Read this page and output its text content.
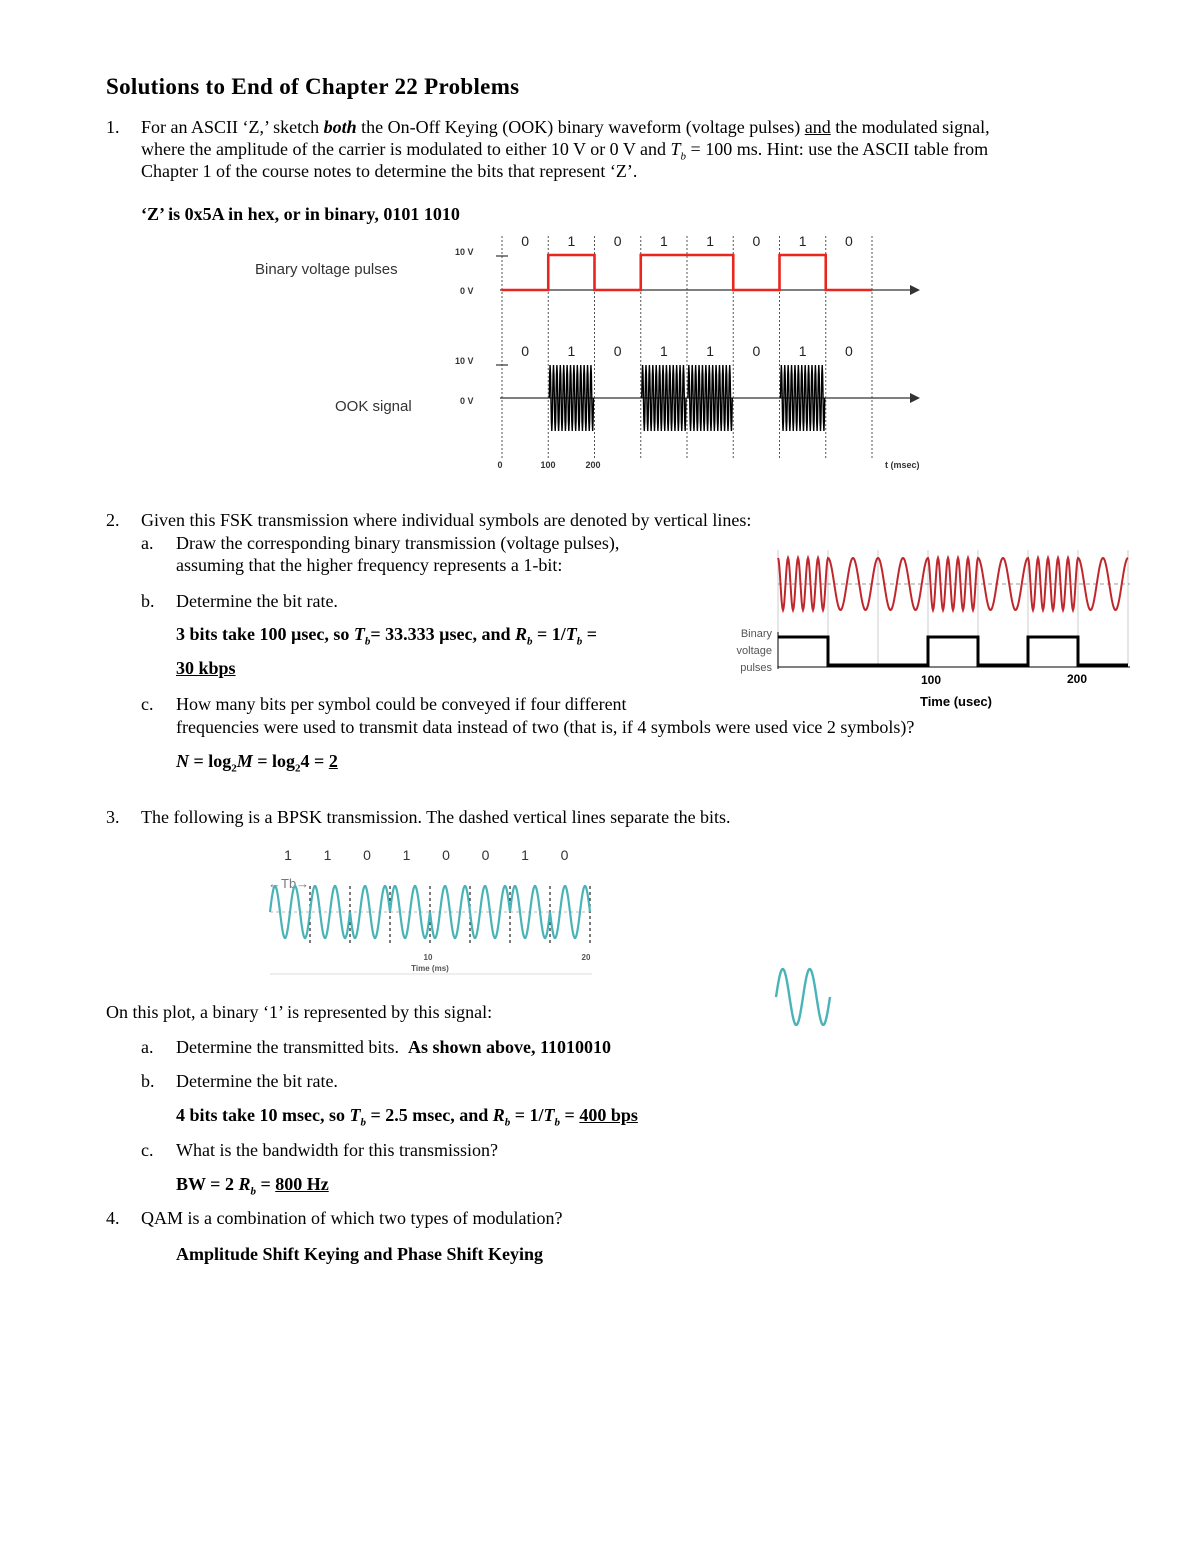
Solutions to End of Chapter 22 Problems
1. For an ASCII ‘Z,’ sketch both the On-Off Keying (OOK) binary waveform (voltage pulses) and the modulated signal,
where the amplitude of the carrier is modulated to either 10 V or 0 V and $T_b = 100$ ms. Hint: use the ASCII table from
Chapter 1 of the course notes to determine the bits that represent ‘Z’.
‘Z’ is 0x5A in hex, or in binary, 0101 1010
0	1	0	1	1	0	1	0
0	1	0	1	1	0	1	0
Binary voltage pulses
OOK signal
10 V
0 V
10 V
0 V
0	100	200	t (msec)
2. Given this FSK transmission where individual symbols are denoted by vertical lines:
a. Draw the corresponding binary transmission (voltage pulses),
assuming that the higher frequency represents a 1-bit:
b. Determine the bit rate.
3 bits take 100 µsec, so $T_b= 33.333$ µsec, and $R_b = 1/T_b$ =
30 kbps
c. How many bits per symbol could be conveyed if four different
frequencies were used to transmit data instead of two (that is, if 4 symbols were used vice 2 symbols)?
$N = \log_2M = \log_24 = 2$
Binary
voltage
pulses
100	200
Time (usec)
3. The following is a BPSK transmission. The dashed vertical lines separate the bits.
1 1 0 1 0 0 1 0
←Tb→
10	20
Time (ms)
On this plot, a binary ‘1’ is represented by this signal:
a. Determine the transmitted bits. As shown above, 11010010
b. Determine the bit rate.
4 bits take 10 msec, so $T_b = 2.5$ msec, and $R_b = 1/T_b = 400$ bps
c. What is the bandwidth for this transmission?
BW = 2 $R_b = 800$ Hz
4. QAM is a combination of which two types of modulation?
Amplitude Shift Keying and Phase Shift Keying
